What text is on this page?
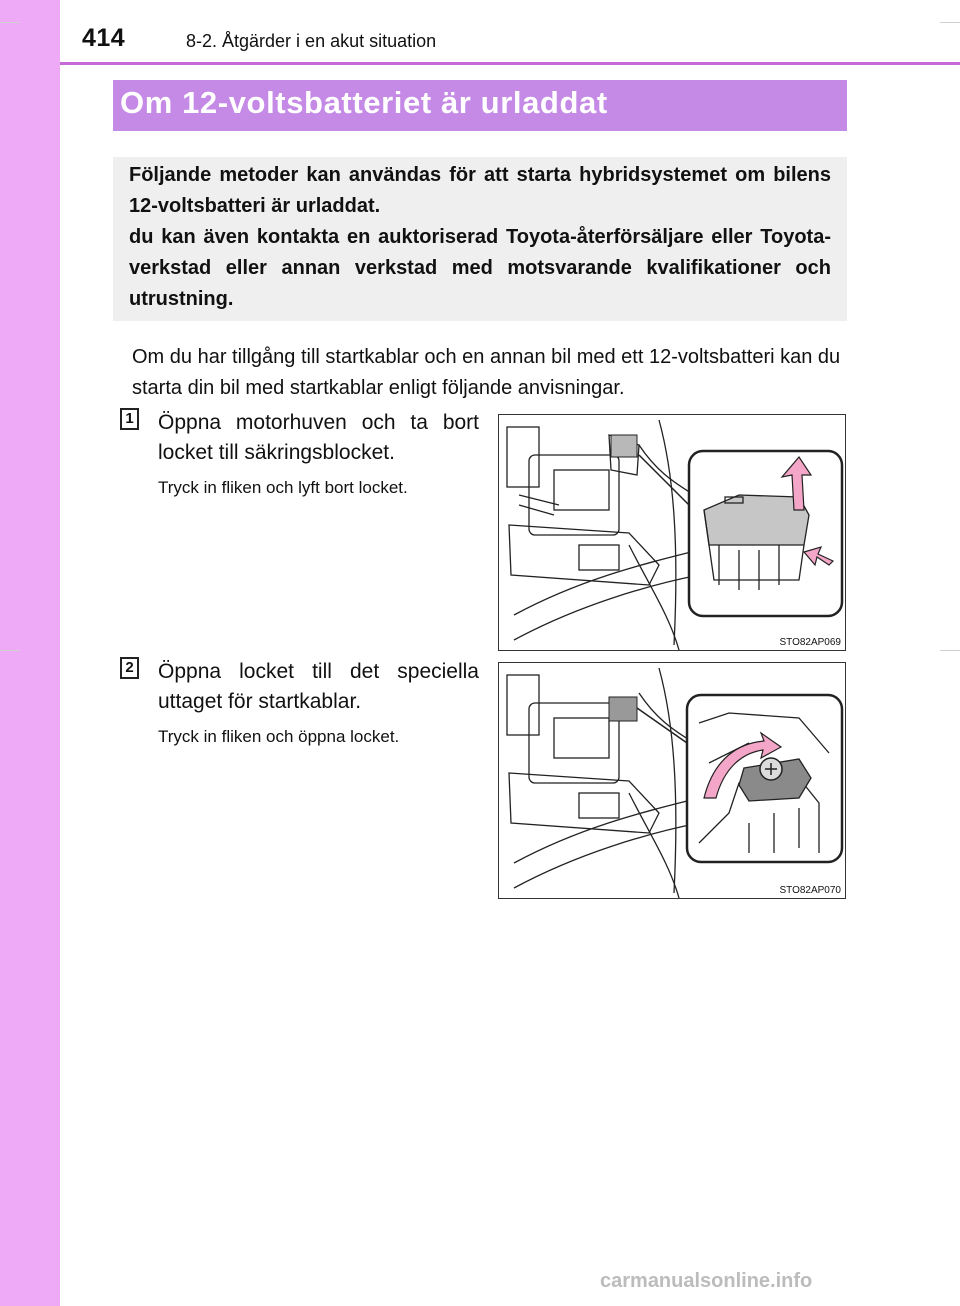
414	8-2. Åtgärder i en akut situation
Om 12-voltsbatteriet är urladdat

Följande metoder kan användas för att starta hybridsystemet om bilens 12-voltsbatteri är urladdat.

du kan även kontakta en auktoriserad Toyota-återförsäljare eller Toyota-verkstad eller annan verkstad med motsvarande kvalifikationer och utrustning.

Om du har tillgång till startkablar och en annan bil med ett 12-voltsbatteri kan du starta din bil med startkablar enligt följande anvisningar.

1 Öppna motorhuven och ta bort locket till säkringsblocket.

Tryck in fliken och lyft bort locket.

STO82AP069
2 Öppna locket till det speciella uttaget för startkablar.

Tryck in fliken och öppna locket.

STO82AP070
carmanualsonline.info
